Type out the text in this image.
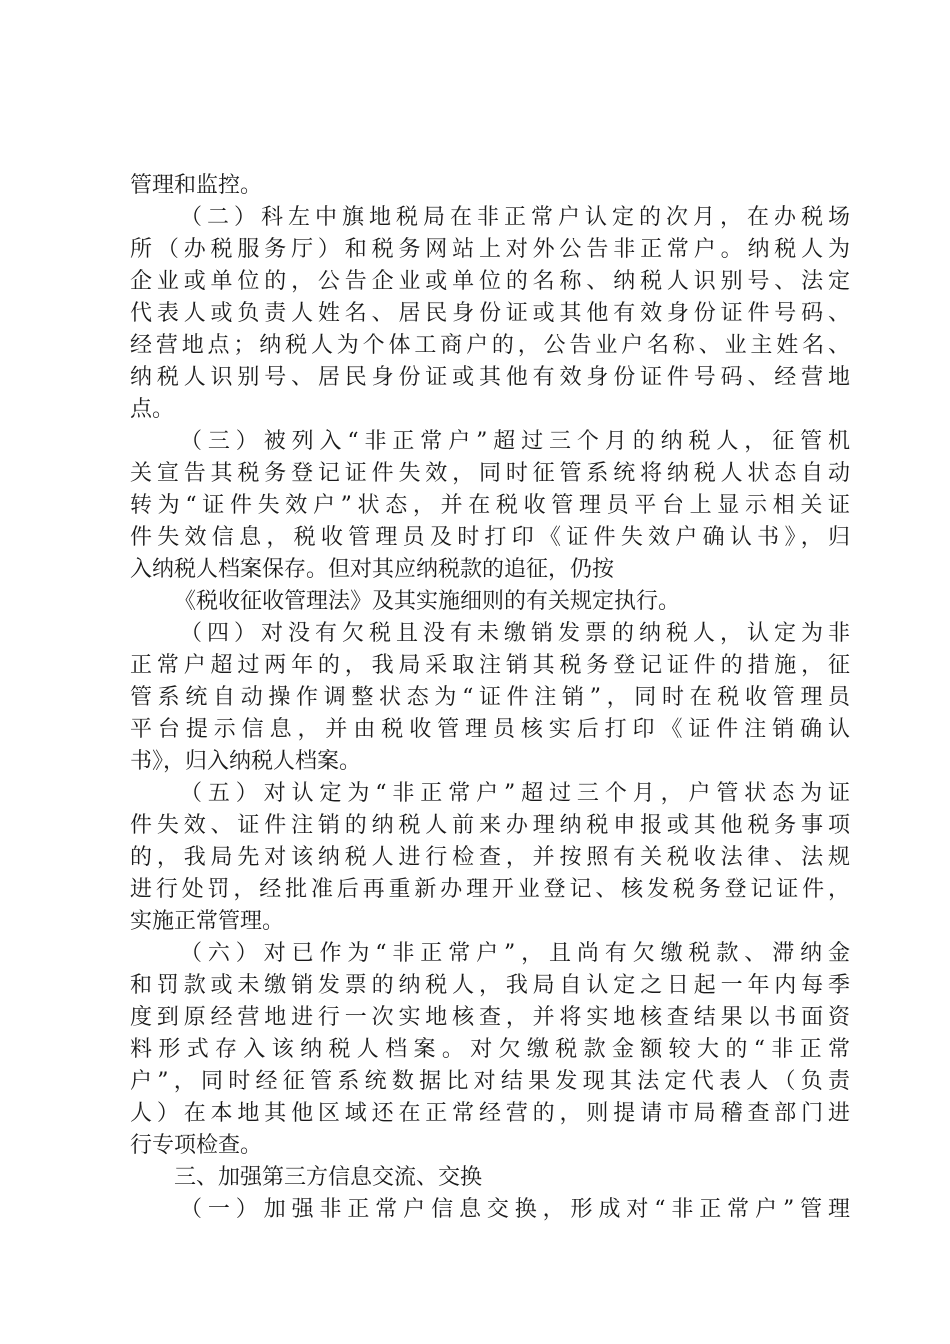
管理和监控。
（二）科左中旗地税局在非正常户认定的次月，在办税场
所（办税服务厅）和税务网站上对外公告非正常户。纳税人为
企业或单位的，公告企业或单位的名称、纳税人识别号、法定
代表人或负责人姓名、居民身份证或其他有效身份证件号码、
经营地点；纳税人为个体工商户的，公告业户名称、业主姓名、
纳税人识别号、居民身份证或其他有效身份证件号码、经营地
点。
（三）被列入“非正常户”超过三个月的纳税人，征管机
关宣告其税务登记证件失效，同时征管系统将纳税人状态自动
转为“证件失效户”状态，并在税收管理员平台上显示相关证
件失效信息，税收管理员及时打印《证件失效户确认书》，归
入纳税人档案保存。但对其应纳税款的追征，仍按
《税收征收管理法》及其实施细则的有关规定执行。
（四）对没有欠税且没有未缴销发票的纳税人，认定为非
正常户超过两年的，我局采取注销其税务登记证件的措施，征
管系统自动操作调整状态为“证件注销”，同时在税收管理员
平台提示信息，并由税收管理员核实后打印《证件注销确认
书》，归入纳税人档案。
（五）对认定为“非正常户”超过三个月，户管状态为证
件失效、证件注销的纳税人前来办理纳税申报或其他税务事项
的，我局先对该纳税人进行检查，并按照有关税收法律、法规
进行处罚，经批准后再重新办理开业登记、核发税务登记证件，
实施正常管理。
（六）对已作为“非正常户”，且尚有欠缴税款、滞纳金
和罚款或未缴销发票的纳税人，我局自认定之日起一年内每季
度到原经营地进行一次实地核查，并将实地核查结果以书面资
料形式存入该纳税人档案。对欠缴税款金额较大的“非正常
户”，同时经征管系统数据比对结果发现其法定代表人（负责
人）在本地其他区域还在正常经营的，则提请市局稽查部门进
行专项检查。
三、加强第三方信息交流、交换
（一）加强非正常户信息交换，形成对“非正常户”管理
